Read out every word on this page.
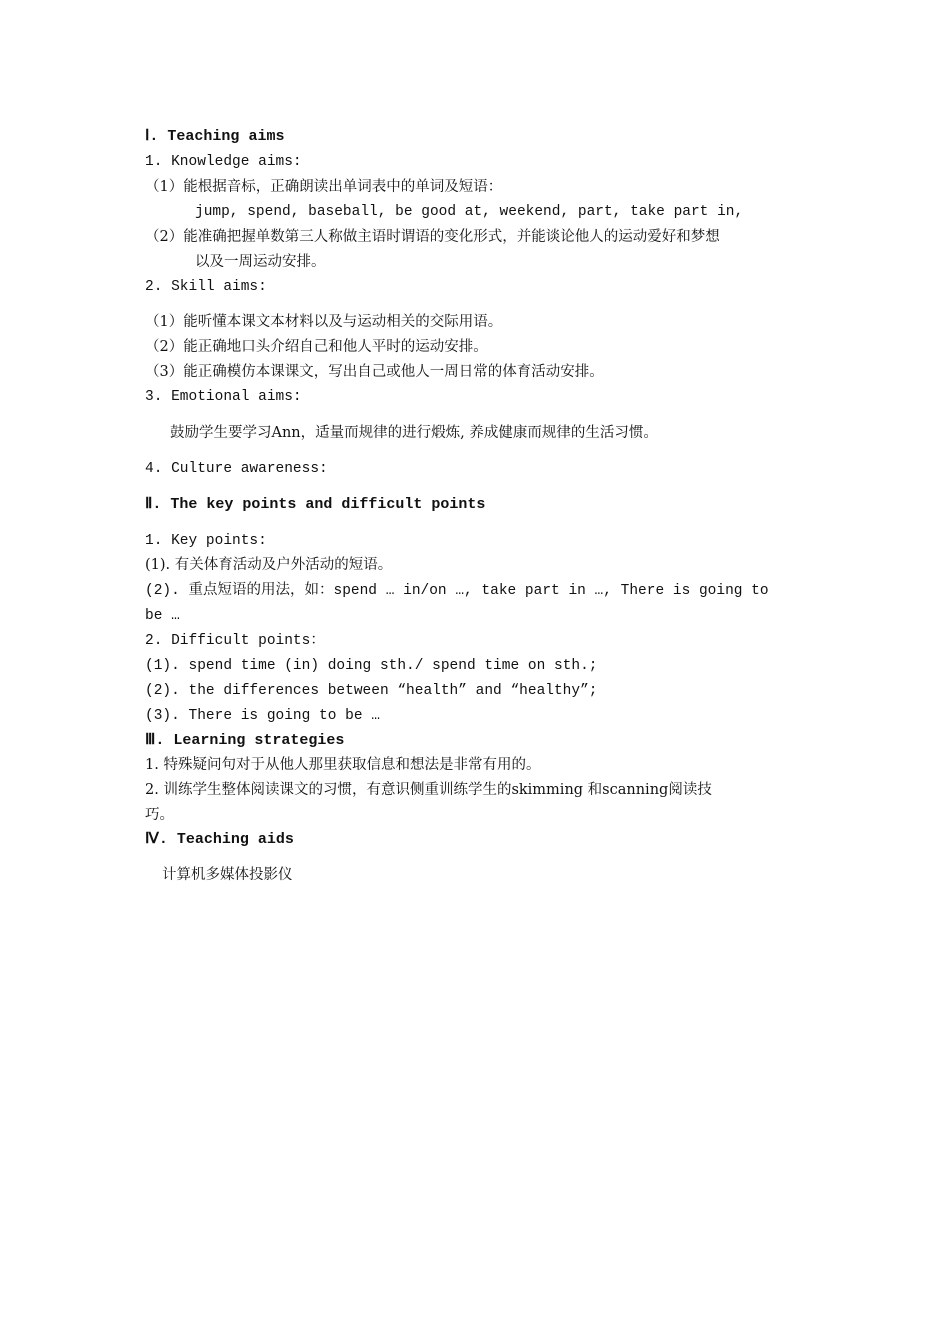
Ⅰ. Teaching aims
1. Knowledge aims:
（1）能根据音标，正确朗读出单词表中的单词及短语：
jump, spend, baseball, be good at, weekend, part, take part in,
（2）能准确把握单数第三人称做主语时谓语的变化形式，并能谈论他人的运动爱好和梦想
以及一周运动安排。
2. Skill aims:
（1）能听懂本课文本材料以及与运动相关的交际用语。
（2）能正确地口头介绍自己和他人平时的运动安排。
（3）能正确模仿本课课文，写出自己或他人一周日常的体育活动安排。
3. Emotional aims:
鼓励学生要学习Ann，适量而规律的进行煅炼, 养成健康而规律的生活习惯。
4. Culture awareness:
Ⅱ. The key points and difficult points
1. Key points:
(1). 有关体育活动及户外活动的短语。
(2). 重点短语的用法，如：spend … in/on …, take part in …, There is going to
be …
2. Difficult points：
(1). spend time (in) doing sth./ spend time on sth.;
(2). the differences between “health” and “healthy”;
(3). There is going to be …
Ⅲ. Learning strategies
1. 特殊疑问句对于从他人那里获取信息和想法是非常有用的。
2. 训练学生整体阅读课文的习惯，有意识侧重训练学生的skimming 和scanning阅读技
巧。
Ⅳ. Teaching aids
计算机多媒体投影仪
